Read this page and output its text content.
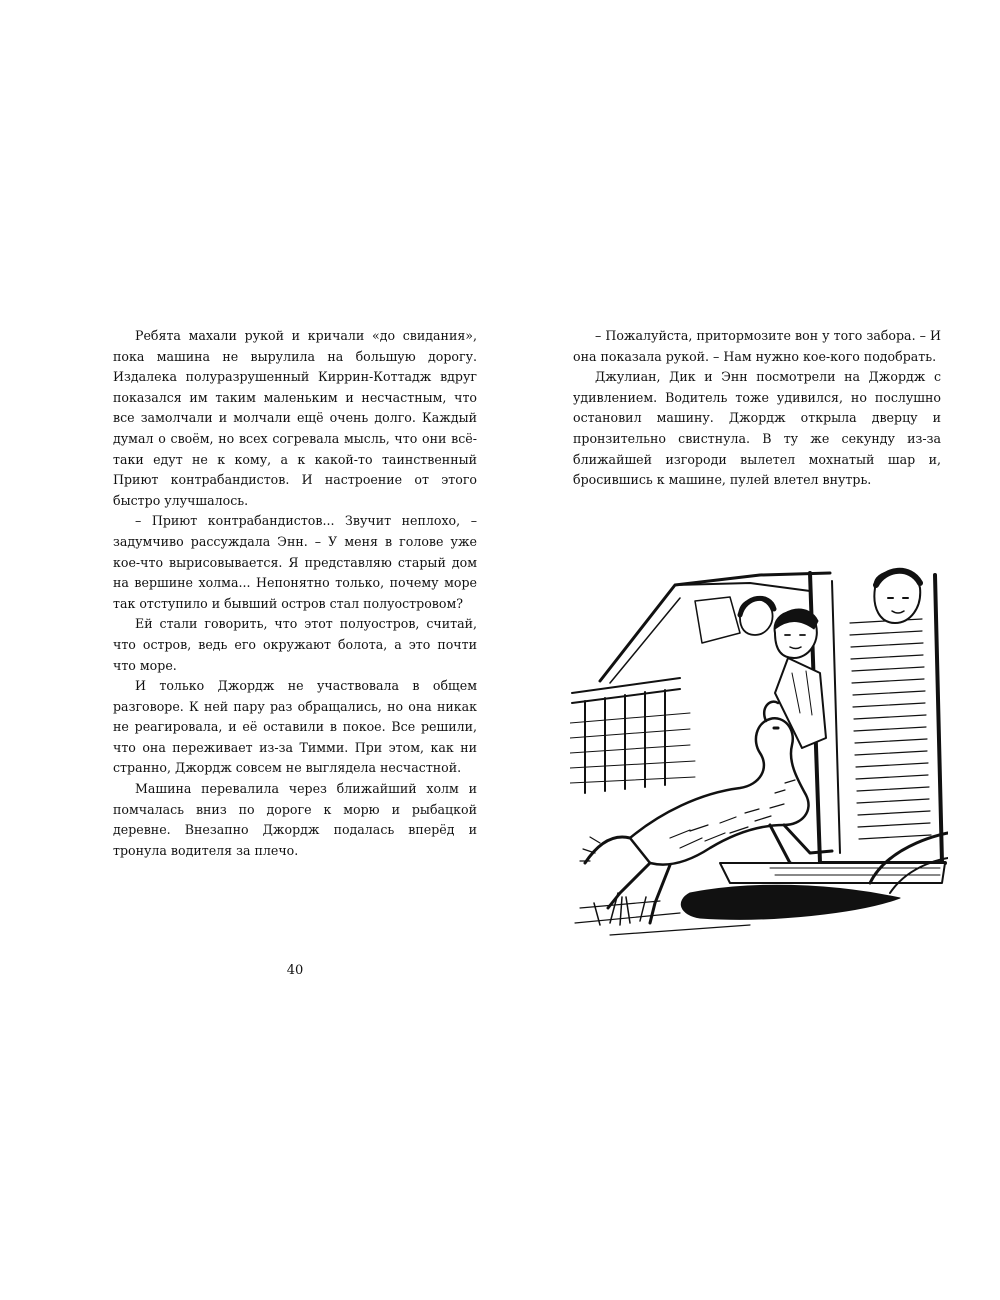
Ребята махали рукой и кричали «до свидания», пока машина не вырулила на большую дорогу. Издалека полуразрушенный Киррин-Коттадж вдруг показался им таким маленьким и несчастным, что все замолчали и молчали ещё очень долго. Каждый думал о своём, но всех согревала мысль, что они всё-таки едут не к кому, а к какой-то таинственный Приют контрабандистов. И настроение от этого быстро улучшалось.

– Приют контрабандистов... Звучит неплохо, – задумчиво рассуждала Энн. – У меня в голове уже кое-что вырисовывается. Я представляю старый дом на вершине холма... Непонятно только, почему море так отступило и бывший остров стал полуостровом?

Ей стали говорить, что этот полуостров, считай, что остров, ведь его окружают болота, а это почти что море.

И только Джордж не участвовала в общем разговоре. К ней пару раз обращались, но она никак не реагировала, и её оставили в покое. Все решили, что она переживает из-за Тимми. При этом, как ни странно, Джордж совсем не выглядела несчастной.

Машина перевалила через ближайший холм и помчалась вниз по дороге к морю и рыбацкой деревне. Внезапно Джордж подалась вперёд и тронула водителя за плечо.

40

– Пожалуйста, притормозите вон у того забора. – И она показала рукой. – Нам нужно кое-кого подобрать.

Джулиан, Дик и Энн посмотрели на Джордж с удивлением. Водитель тоже удивился, но послушно остановил машину. Джордж открыла дверцу и пронзительно свистнула. В ту же секунду из-за ближайшей изгороди вылетел мохнатый шар и, бросившись к машине, пулей влетел внутрь.
